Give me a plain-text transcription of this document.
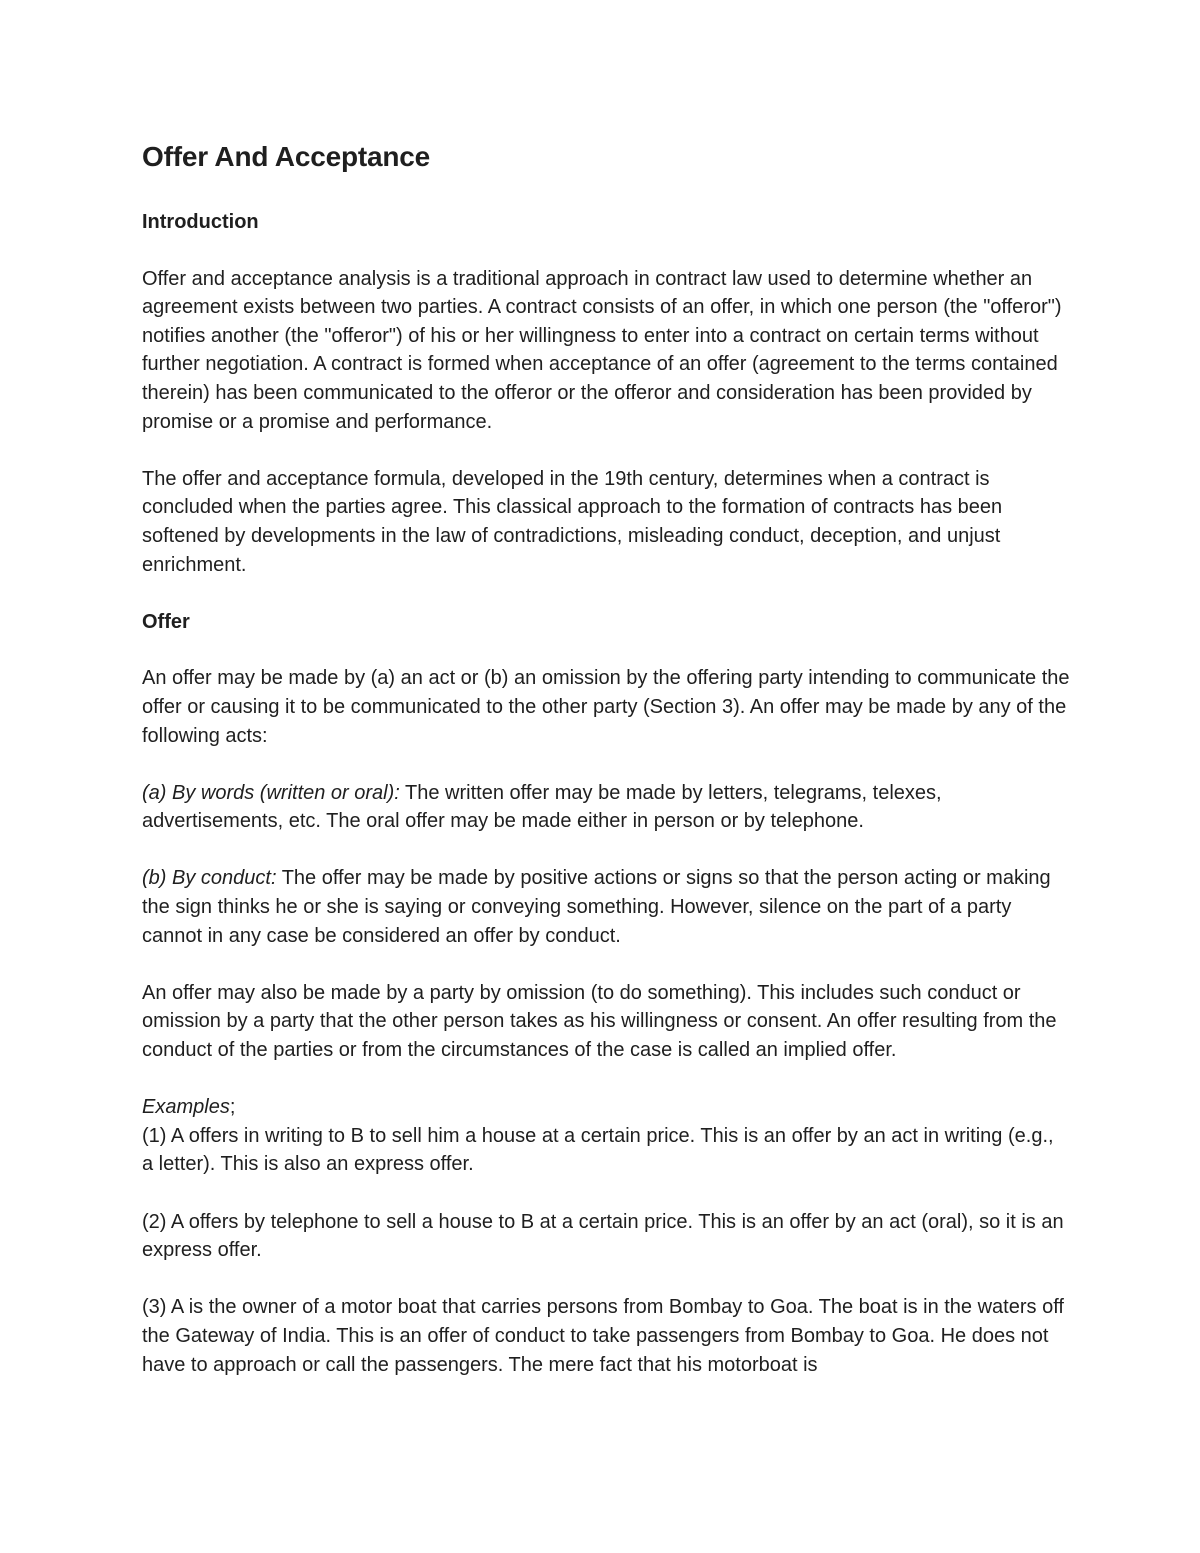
Offer And Acceptance
Introduction

Offer and acceptance analysis is a traditional approach in contract law used to determine whether an agreement exists between two parties. A contract consists of an offer, in which one person (the "offeror") notifies another (the "offeror") of his or her willingness to enter into a contract on certain terms without further negotiation. A contract is formed when acceptance of an offer (agreement to the terms contained therein) has been communicated to the offeror or the offeror and consideration has been provided by promise or a promise and performance.

The offer and acceptance formula, developed in the 19th century, determines when a contract is concluded when the parties agree. This classical approach to the formation of contracts has been softened by developments in the law of contradictions, misleading conduct, deception, and unjust enrichment.

Offer

An offer may be made by (a) an act or (b) an omission by the offering party intending to communicate the offer or causing it to be communicated to the other party (Section 3). An offer may be made by any of the following acts:

(a) By words (written or oral): The written offer may be made by letters, telegrams, telexes, advertisements, etc. The oral offer may be made either in person or by telephone.

(b) By conduct: The offer may be made by positive actions or signs so that the person acting or making the sign thinks he or she is saying or conveying something. However, silence on the part of a party cannot in any case be considered an offer by conduct.

An offer may also be made by a party by omission (to do something). This includes such conduct or omission by a party that the other person takes as his willingness or consent. An offer resulting from the conduct of the parties or from the circumstances of the case is called an implied offer.

Examples;

(1) A offers in writing to B to sell him a house at a certain price. This is an offer by an act in writing (e.g., a letter). This is also an express offer.

(2) A offers by telephone to sell a house to B at a certain price. This is an offer by an act (oral), so it is an express offer.

(3) A is the owner of a motor boat that carries persons from Bombay to Goa. The boat is in the waters off the Gateway of India. This is an offer of conduct to take passengers from Bombay to Goa. He does not have to approach or call the passengers. The mere fact that his motorboat is
